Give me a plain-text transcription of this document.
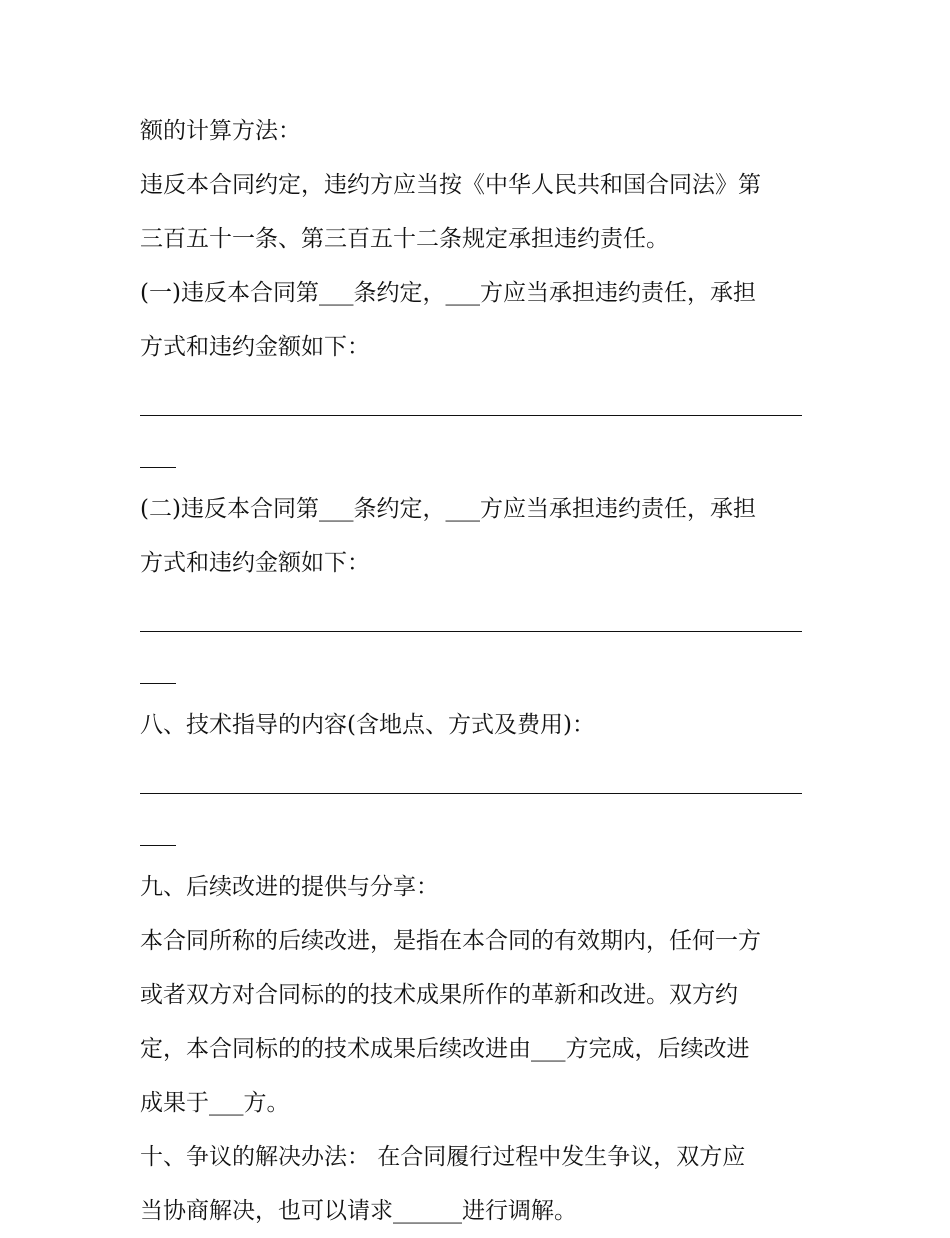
额的计算方法：
违反本合同约定，违约方应当按《中华人民共和国合同法》第
三百五十一条、第三百五十二条规定承担违约责任。
(一)违反本合同第___条约定，___方应当承担违约责任，承担
方式和违约金额如下：
(二)违反本合同第___条约定，___方应当承担违约责任，承担
方式和违约金额如下：
八、技术指导的内容(含地点、方式及费用)：
九、后续改进的提供与分享：
本合同所称的后续改进，是指在本合同的有效期内，任何一方
或者双方对合同标的的技术成果所作的革新和改进。双方约
定，本合同标的的技术成果后续改进由___方完成，后续改进
成果于___方。
十、争议的解决办法： 在合同履行过程中发生争议，双方应
当协商解决，也可以请求______进行调解。
